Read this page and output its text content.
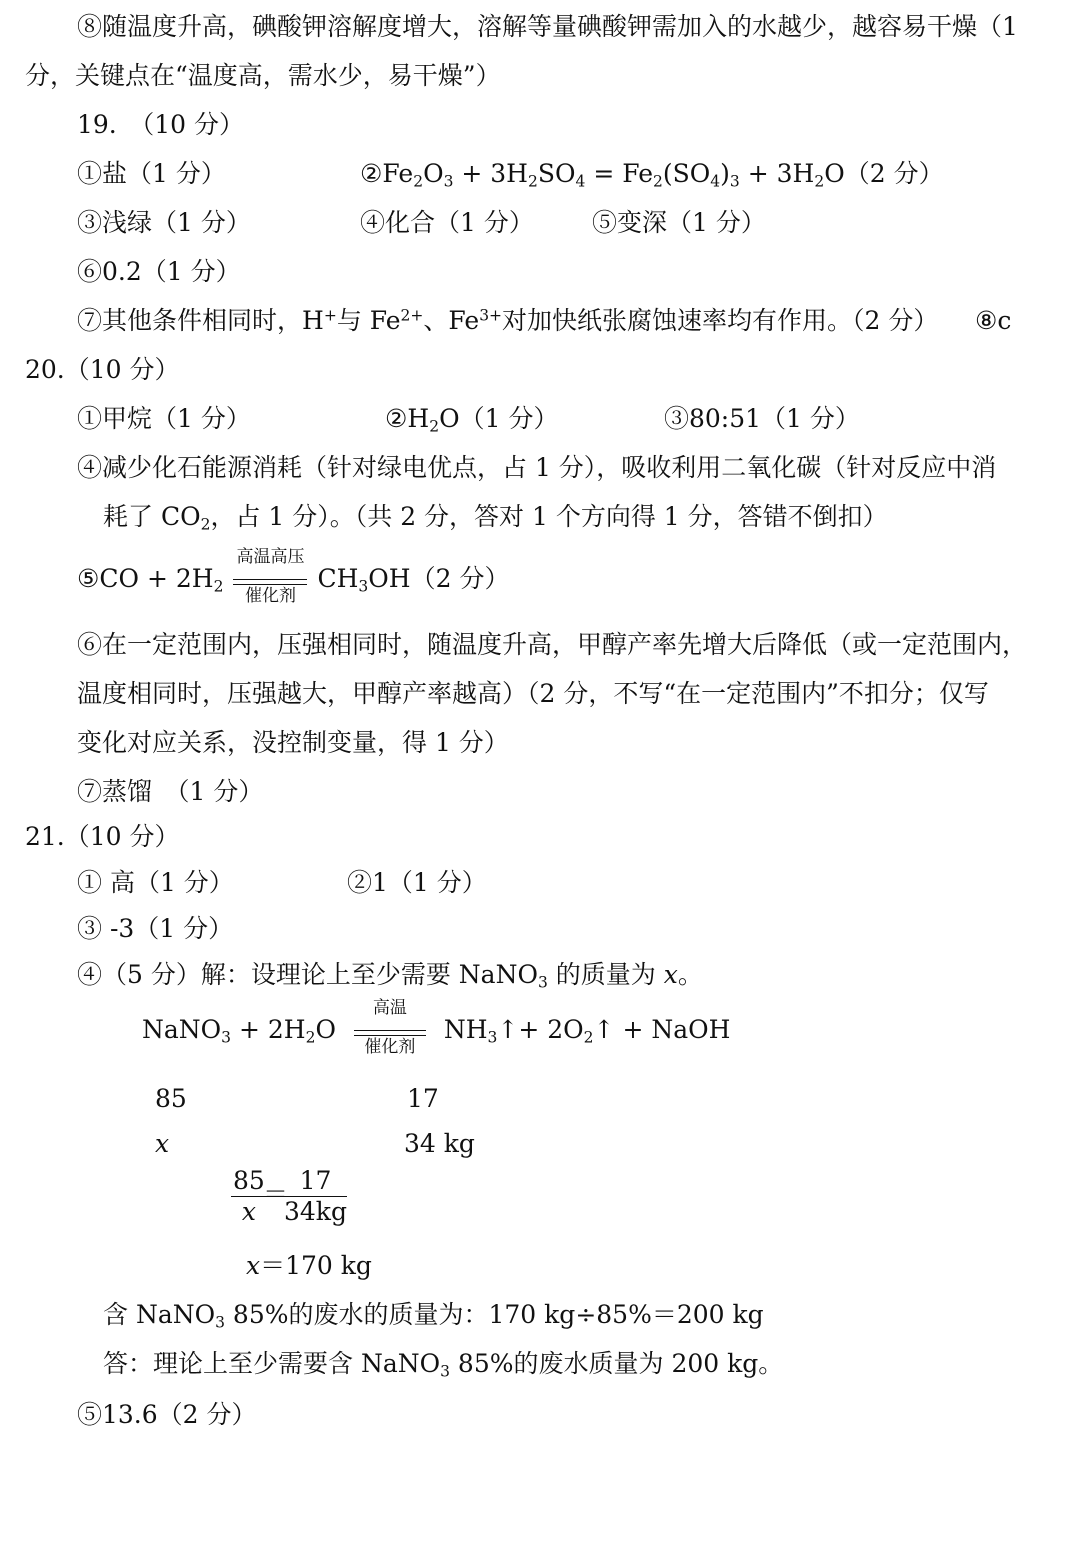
⑧随温度升高，碘酸钾溶解度增大，溶解等量碘酸钾需加入的水越少，越容易干燥（1
分，关键点在“温度高，需水少，易干燥”）
19.　（10 分）
①盐（1 分）	$②Fe_2O_3 + 3H_2SO_4 = Fe_2(SO_4)_3 + 3H_2O(2$ 分）
③浅绿（1 分）	④化合（1 分） ⑤变深（1 分）
⑥0.2（1 分）
⑦其他条件相同时，H+与 $Fe^{2+}$、$Fe^{3+}$对加快纸张腐蚀速率均有作用。（2 分） ⑧c
20.（10 分）
①甲烷（1 分）	$②H_2O(1$ 分）	③80:51（1 分）
④减少化石能源消耗（针对绿电优点，占 1 分），吸收利用二氧化碳（针对反应中消
耗了 $CO_2$，占 1 分）。（共 2 分，答对 1 个方向得 1 分，答错不倒扣）
⑤CO + $2H_2$
高温高压
催化剂
$CH_3OH(2$ 分）
⑥在一定范围内，压强相同时，随温度升高，甲醇产率先增大后降低（或一定范围内，
温度相同时，压强越大，甲醇产率越高）（2 分，不写“在一定范围内”不扣分；仅写
变化对应关系，没控制变量，得 1 分）
⑦蒸馏　（1 分）
21.（10 分）
① 高（1 分）	②1（1 分）
③ -3（1 分）
④（5 分）解：设理论上至少需要 NaNO$_3$ 的质量为 x。
NaNO$_3$ + $2H_2O$
高温
催化剂
$NH_3↑+$ $2O_2↑$ + NaOH
85	17
x	34 kg
$\frac{85}{x}$
＝
$\frac{17}{34kg}$
x＝170 kg
含 NaNO$_3$ 85%的废水的质量为：170 kg÷85%＝200 kg
答：理论上至少需要含 NaNO$_3$ 85%的废水质量为 200 kg。
⑤13.6（2 分）
